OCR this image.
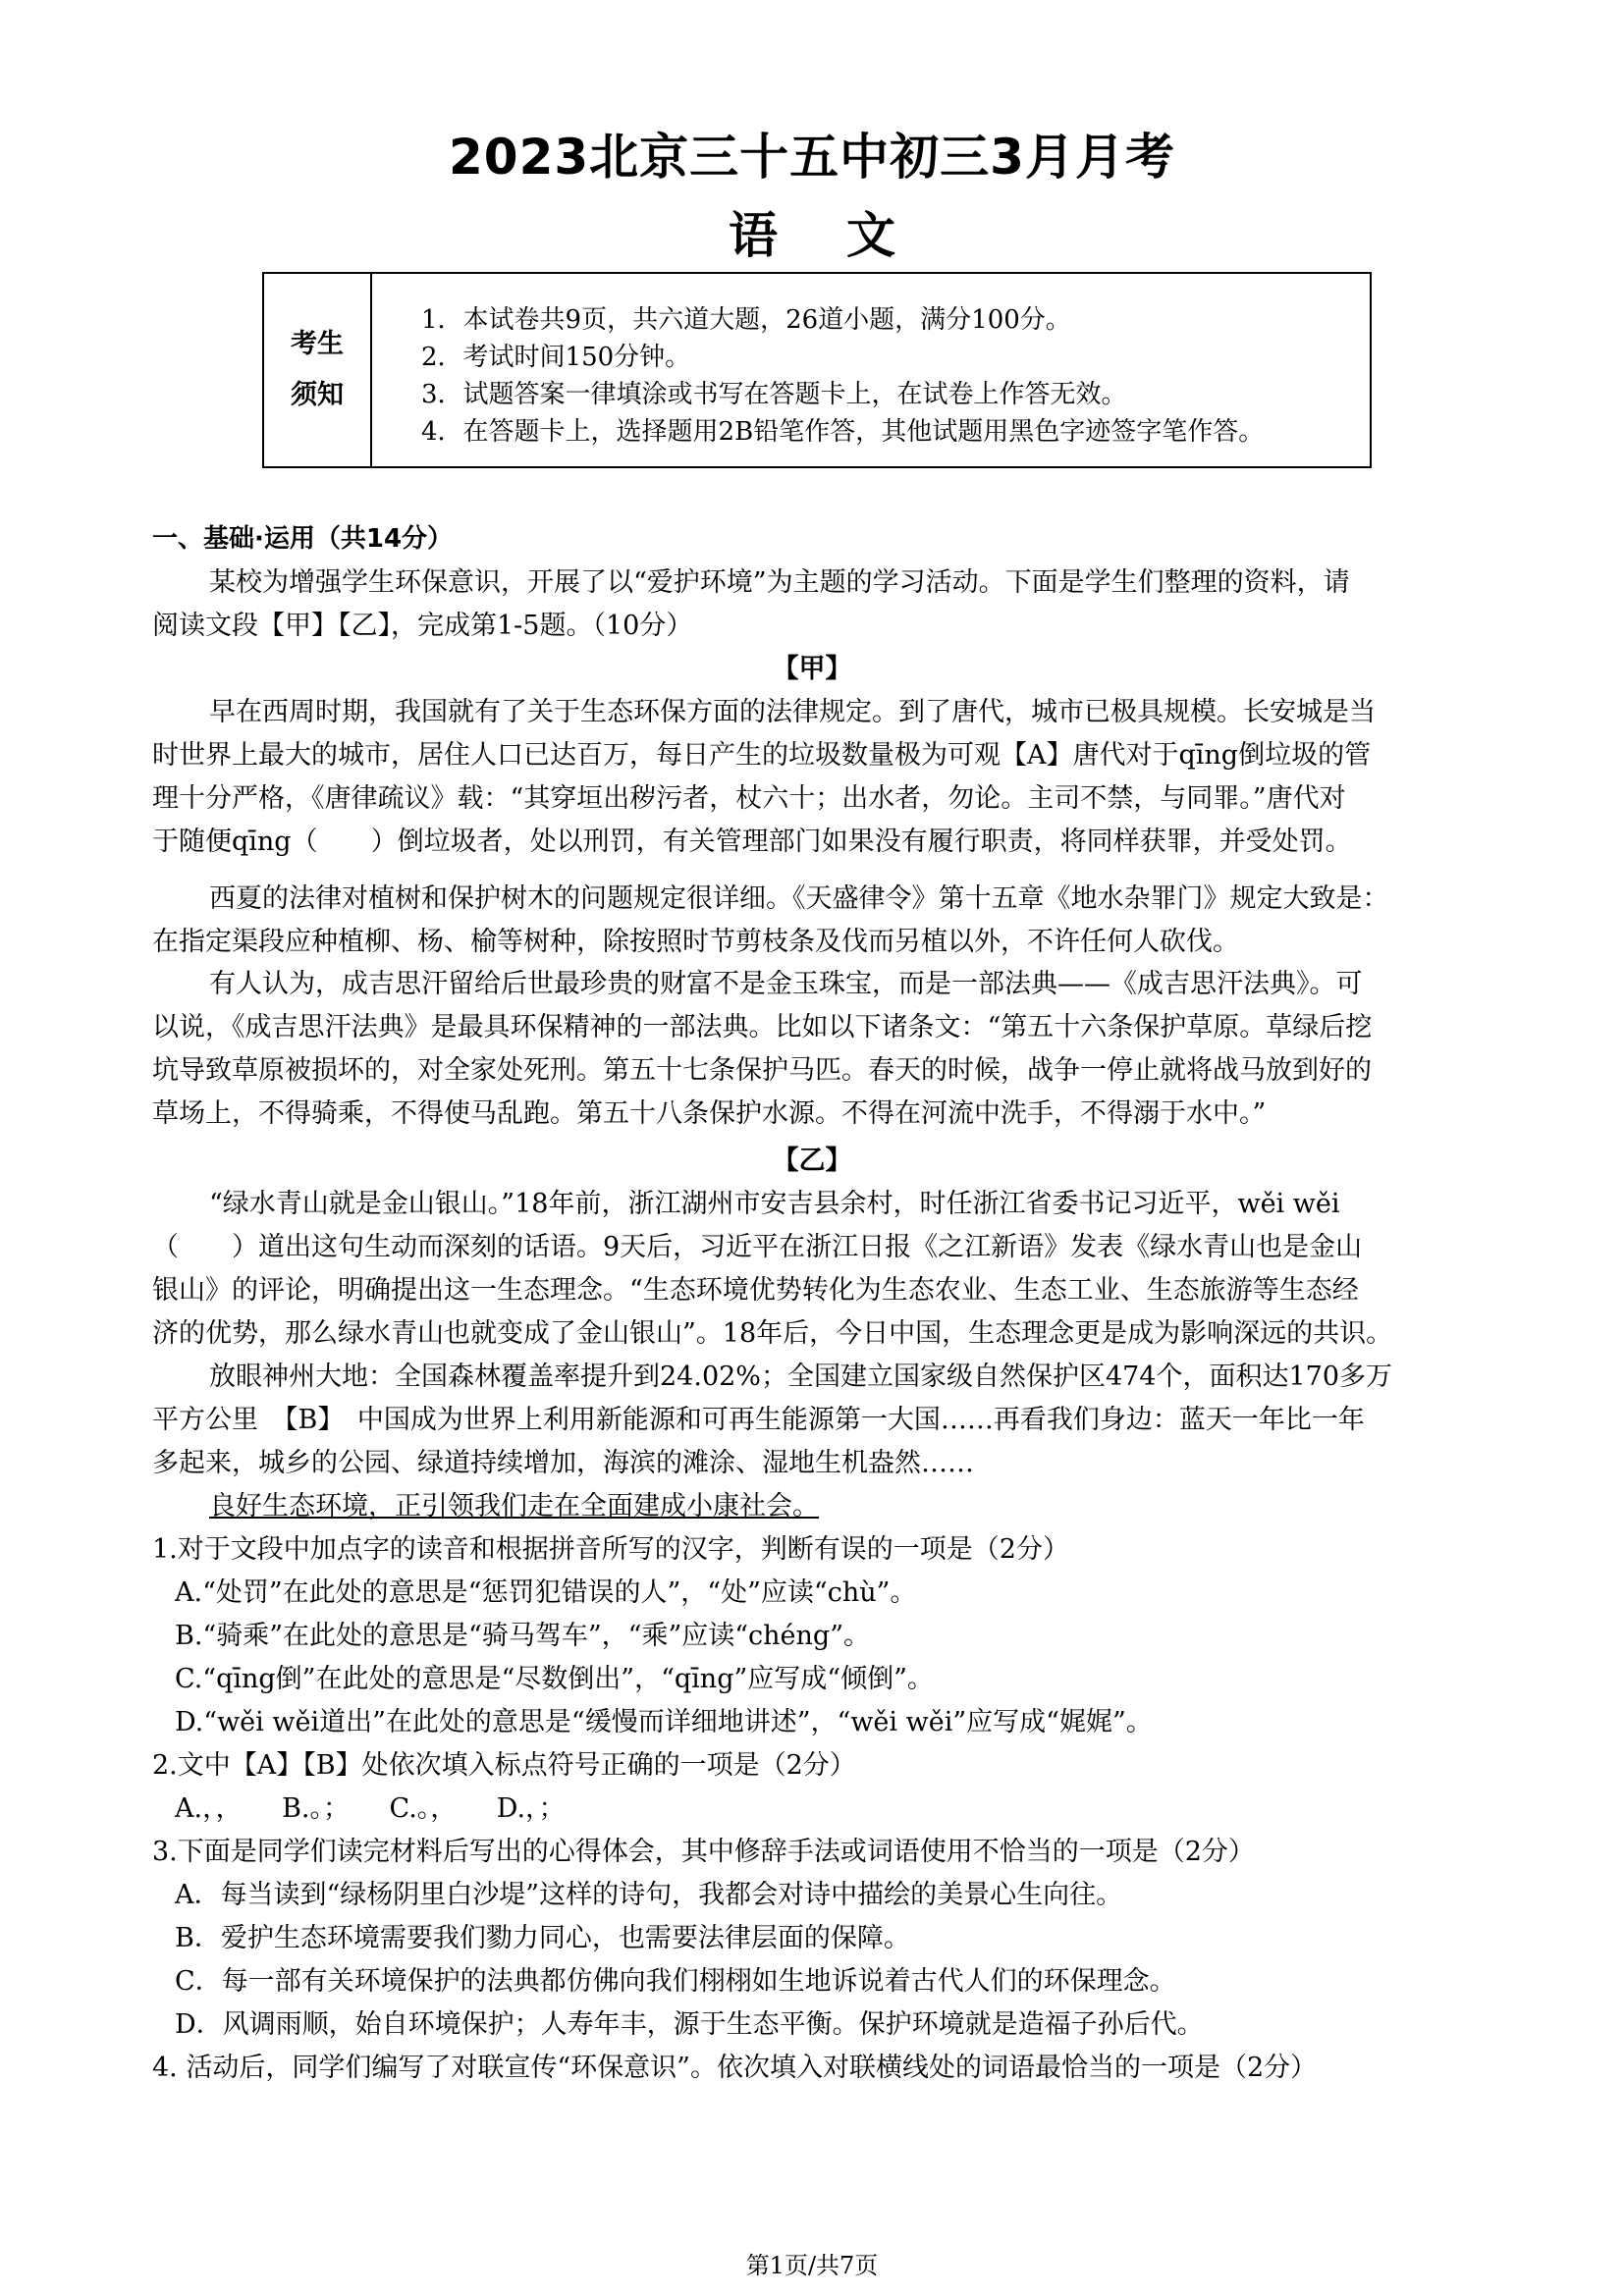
2023北京三十五中初三3月月考
语文
考生
须知
1．本试卷共9页，共六道大题，26道小题，满分100分。
2．考试时间150分钟。
3．试题答案一律填涂或书写在答题卡上，在试卷上作答无效。
4．在答题卡上，选择题用2B铅笔作答，其他试题用黑色字迹签字笔作答。
一、基础·运用（共14分）
某校为增强学生环保意识，开展了以“爱护环境”为主题的学习活动。下面是学生们整理的资料，请
阅读文段【甲】【乙】，完成第1-5题。（10分）
【甲】
早在西周时期，我国就有了关于生态环保方面的法律规定。到了唐代，城市已极具规模。长安城是当
时世界上最大的城市，居住人口已达百万，每日产生的垃圾数量极为可观【A】唐代对于qīng倒垃圾的管
理十分严格，《唐律疏议》载：“其穿垣出秽污者，杖六十；出水者，勿论。主司不禁，与同罪。”唐代对
于随便qīng（　　）倒垃圾者，处以刑罚，有关管理部门如果没有履行职责，将同样获罪，并受处罚。
西夏的法律对植树和保护树木的问题规定很详细。《天盛律令》第十五章《地水杂罪门》规定大致是：
在指定渠段应种植柳、杨、榆等树种，除按照时节剪枝条及伐而另植以外，不许任何人砍伐。
有人认为，成吉思汗留给后世最珍贵的财富不是金玉珠宝，而是一部法典——《成吉思汗法典》。可
以说，《成吉思汗法典》是最具环保精神的一部法典。比如以下诸条文：“第五十六条保护草原。草绿后挖
坑导致草原被损坏的，对全家处死刑。第五十七条保护马匹。春天的时候，战争一停止就将战马放到好的
草场上，不得骑乘，不得使马乱跑。第五十八条保护水源。不得在河流中洗手，不得溺于水中。”
【乙】
“绿水青山就是金山银山。”18年前，浙江湖州市安吉县余村，时任浙江省委书记习近平，wěi wěi
（　　）道出这句生动而深刻的话语。9天后，习近平在浙江日报《之江新语》发表《绿水青山也是金山
银山》的评论，明确提出这一生态理念。“生态环境优势转化为生态农业、生态工业、生态旅游等生态经
济的优势，那么绿水青山也就变成了金山银山”。18年后，今日中国，生态理念更是成为影响深远的共识。
放眼神州大地：全国森林覆盖率提升到24.02%；全国建立国家级自然保护区474个，面积达170多万
平方公里　【B】　中国成为世界上利用新能源和可再生能源第一大国……再看我们身边：蓝天一年比一年
多起来，城乡的公园、绿道持续增加，海滨的滩涂、湿地生机盎然……
良好生态环境，正引领我们走在全面建成小康社会。
1.对于文段中加点字的读音和根据拼音所写的汉字，判断有误的一项是（2分）
A.“处罚”在此处的意思是“惩罚犯错误的人”，“处”应读“chù”。
B.“骑乘”在此处的意思是“骑马驾车”，“乘”应读“chéng”。
C.“qīng倒”在此处的意思是“尽数倒出”，“qīng”应写成“倾倒”。
D.“wěi wěi道出”在此处的意思是“缓慢而详细地讲述”，“wěi wěi”应写成“娓娓”。
2.文中【A】【B】处依次填入标点符号正确的一项是（2分）
A.，，　　B.。；　　C.。，　　D.，；
3.下面是同学们读完材料后写出的心得体会，其中修辞手法或词语使用不恰当的一项是（2分）
A．每当读到“绿杨阴里白沙堤”这样的诗句，我都会对诗中描绘的美景心生向往。
B．爱护生态环境需要我们勠力同心，也需要法律层面的保障。
C．每一部有关环境保护的法典都仿佛向我们栩栩如生地诉说着古代人们的环保理念。
D．风调雨顺，始自环境保护；人寿年丰，源于生态平衡。保护环境就是造福子孙后代。
4. 活动后，同学们编写了对联宣传“环保意识”。依次填入对联横线处的词语最恰当的一项是（2分）
第1页/共7页
